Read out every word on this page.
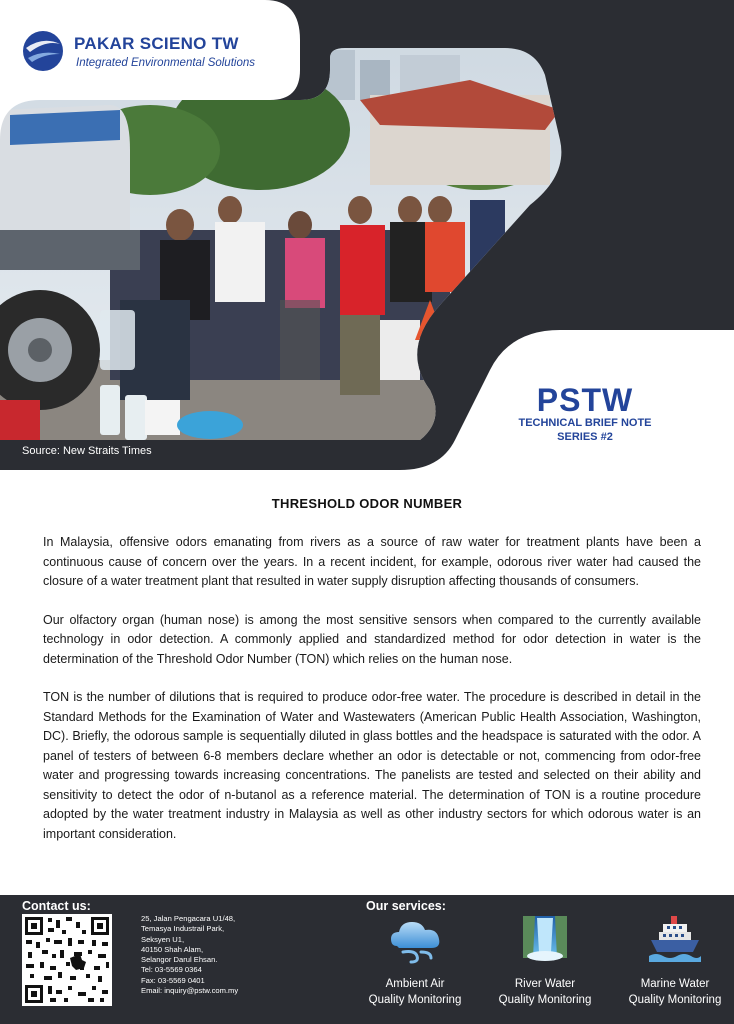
PAKAR SCIENO TW
Integrated Environmental Solutions
Source: New Straits Times
PSTW
TECHNICAL BRIEF NOTE
SERIES #2
THRESHOLD ODOR NUMBER

In Malaysia, offensive odors emanating from rivers as a source of raw water for treatment plants have been a continuous cause of concern over the years. In a recent incident, for example, odorous river water had caused the closure of a water treatment plant that resulted in water supply disruption affecting thousands of consumers.

Our olfactory organ (human nose) is among the most sensitive sensors when compared to the currently available technology in odor detection. A commonly applied and standardized method for odor detection in water is the determination of the Threshold Odor Number (TON) which relies on the human nose.

TON is the number of dilutions that is required to produce odor-free water. The procedure is described in detail in the Standard Methods for the Examination of Water and Wastewaters (American Public Health Association, Washington, DC). Briefly, the odorous sample is sequentially diluted in glass bottles and the headspace is saturated with the odor. A panel of testers of between 6-8 members declare whether an odor is detectable or not, commencing from odor-free water and progressing towards increasing concentrations. The panelists are tested and selected on their ability and sensitivity to detect the odor of n-butanol as a reference material. The determination of TON is a routine procedure adopted by the water treatment industry in Malaysia as well as other industry sectors for which odorous water is an important consideration.

Contact us:	Our services:
25, Jalan Pengacara U1/48,
Temasya Industrail Park,
Seksyen U1,
40150 Shah Alam,
Selangor Darul Ehsan.
Tel: 03-5569 0364
Fax: 03-5569 0401
Email: inquiry@pstw.com.my
Ambient Air
Quality Monitoring
River Water
Quality Monitoring
Marine Water
Quality Monitoring
